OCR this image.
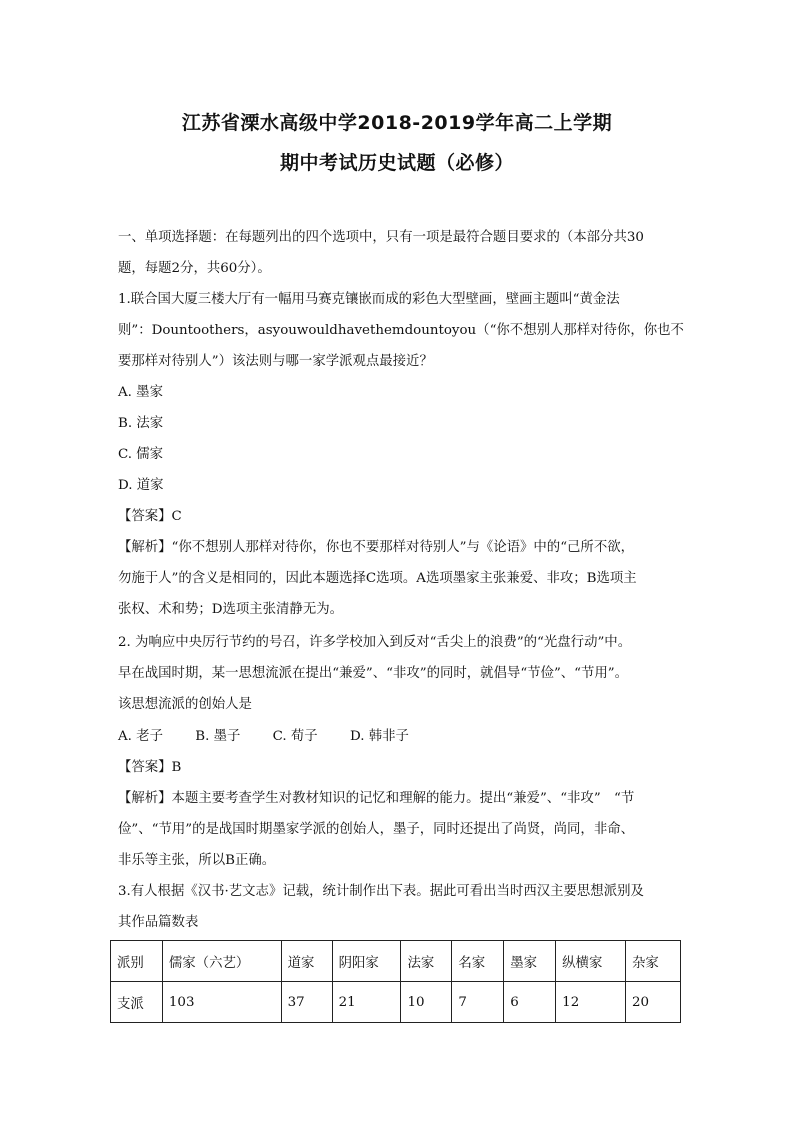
江苏省溧水高级中学2018-2019学年高二上学期
期中考试历史试题（必修）
一、单项选择题：在每题列出的四个选项中，只有一项是最符合题目要求的（本部分共30
题，每题2分，共60分）。
1.联合国大厦三楼大厅有一幅用马赛克镶嵌而成的彩色大型壁画，壁画主题叫“黄金法
则”：Dountoothers，asyouwouldhavethemdountoyou（“你不想别人那样对待你，你也不
要那样对待别人”）该法则与哪一家学派观点最接近？
A. 墨家
B. 法家
C. 儒家
D. 道家
【答案】C
【解析】“你不想别人那样对待你，你也不要那样对待别人”与《论语》中的“己所不欲，
勿施于人”的含义是相同的，因此本题选择C选项。A选项墨家主张兼爱、非攻；B选项主
张权、术和势；D选项主张清静无为。
2. 为响应中央厉行节约的号召，许多学校加入到反对“舌尖上的浪费”的“光盘行动”中。
早在战国时期，某一思想流派在提出“兼爱”、“非攻”的同时，就倡导“节俭”、“节用”。
该思想流派的创始人是
A. 老子 B. 墨子 C. 荀子 D. 韩非子
【答案】B
【解析】本题主要考查学生对教材知识的记忆和理解的能力。提出“兼爱”、“非攻”　“节
俭”、“节用”的是战国时期墨家学派的创始人，墨子，同时还提出了尚贤，尚同，非命、
非乐等主张，所以B正确。
3.有人根据《汉书·艺文志》记载，统计制作出下表。据此可看出当时西汉主要思想派别及
其作品篇数表
派别	儒家（六艺）	道家	阴阳家	法家	名家	墨家	纵横家	杂家
支派	103	37	21	10	7	6	12	20
